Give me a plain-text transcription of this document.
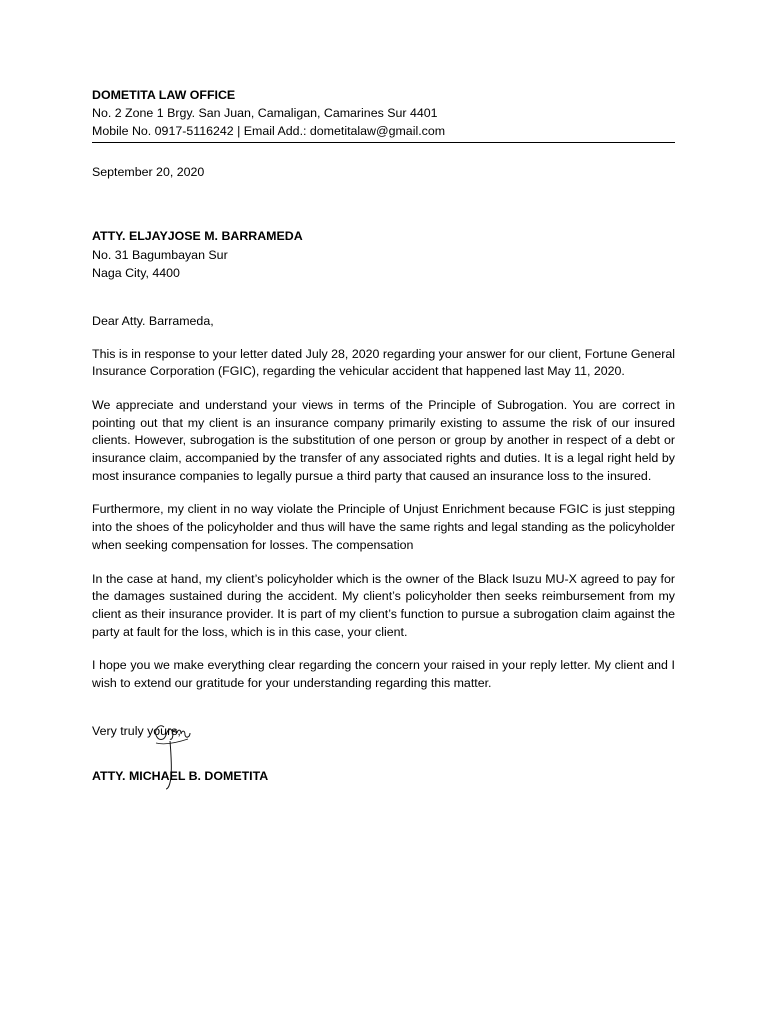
DOMETITA LAW OFFICE
No. 2 Zone 1 Brgy. San Juan, Camaligan, Camarines Sur 4401
Mobile No. 0917-5116242 | Email Add.: dometitalaw@gmail.com
September 20, 2020
ATTY. ELJAYJOSE M. BARRAMEDA
No. 31 Bagumbayan Sur
Naga City, 4400
Dear Atty. Barrameda,
This is in response to your letter dated July 28, 2020 regarding your answer for our client, Fortune General Insurance Corporation (FGIC), regarding the vehicular accident that happened last May 11, 2020.
We appreciate and understand your views in terms of the Principle of Subrogation. You are correct in pointing out that my client is an insurance company primarily existing to assume the risk of our insured clients. However, subrogation is the substitution of one person or group by another in respect of a debt or insurance claim, accompanied by the transfer of any associated rights and duties. It is a legal right held by most insurance companies to legally pursue a third party that caused an insurance loss to the insured.
Furthermore, my client in no way violate the Principle of Unjust Enrichment because FGIC is just stepping into the shoes of the policyholder and thus will have the same rights and legal standing as the policyholder when seeking compensation for losses. The compensation
In the case at hand, my client’s policyholder which is the owner of the Black Isuzu MU-X agreed to pay for the damages sustained during the accident. My client’s policyholder then seeks reimbursement from my client as their insurance provider. It is part of my client’s function to pursue a subrogation claim against the party at fault for the loss, which is in this case, your client.
I hope you we make everything clear regarding the concern your raised in your reply letter. My client and I wish to extend our gratitude for your understanding regarding this matter.
Very truly yours,
ATTY. MICHAEL B. DOMETITA
